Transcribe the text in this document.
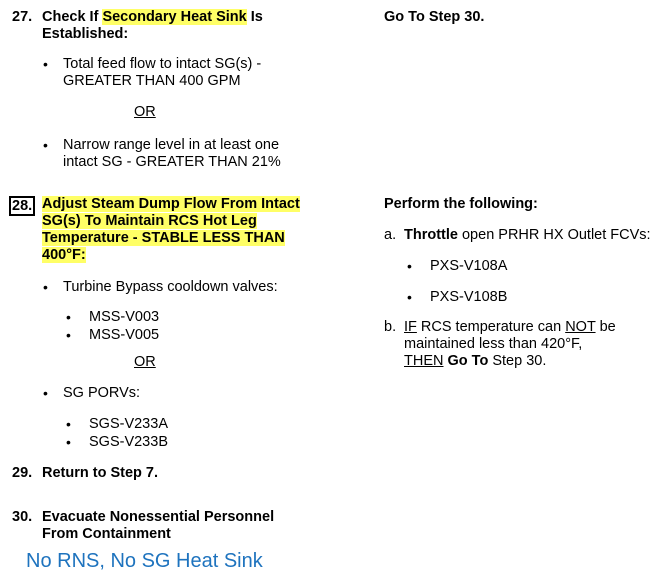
27. Check If Secondary Heat Sink Is
Established:
• Total feed flow to intact SG(s) -
GREATER THAN 400 GPM
OR
• Narrow range level in at least one
intact SG - GREATER THAN 21%
Go To Step 30.
28. Adjust Steam Dump Flow From Intact
SG(s) To Maintain RCS Hot Leg
Temperature - STABLE LESS THAN
400°F:
• Turbine Bypass cooldown valves:
• MSS-V003
• MSS-V005
OR
• SG PORVs:
• SGS-V233A
• SGS-V233B
Perform the following:
a. Throttle open PRHR HX Outlet FCVs:
• PXS-V108A
• PXS-V108B
b. IF RCS temperature can NOT be
maintained less than 420°F,
THEN Go To Step 30.
29. Return to Step 7.
30. Evacuate Nonessential Personnel
From Containment
No RNS, No SG Heat Sink
